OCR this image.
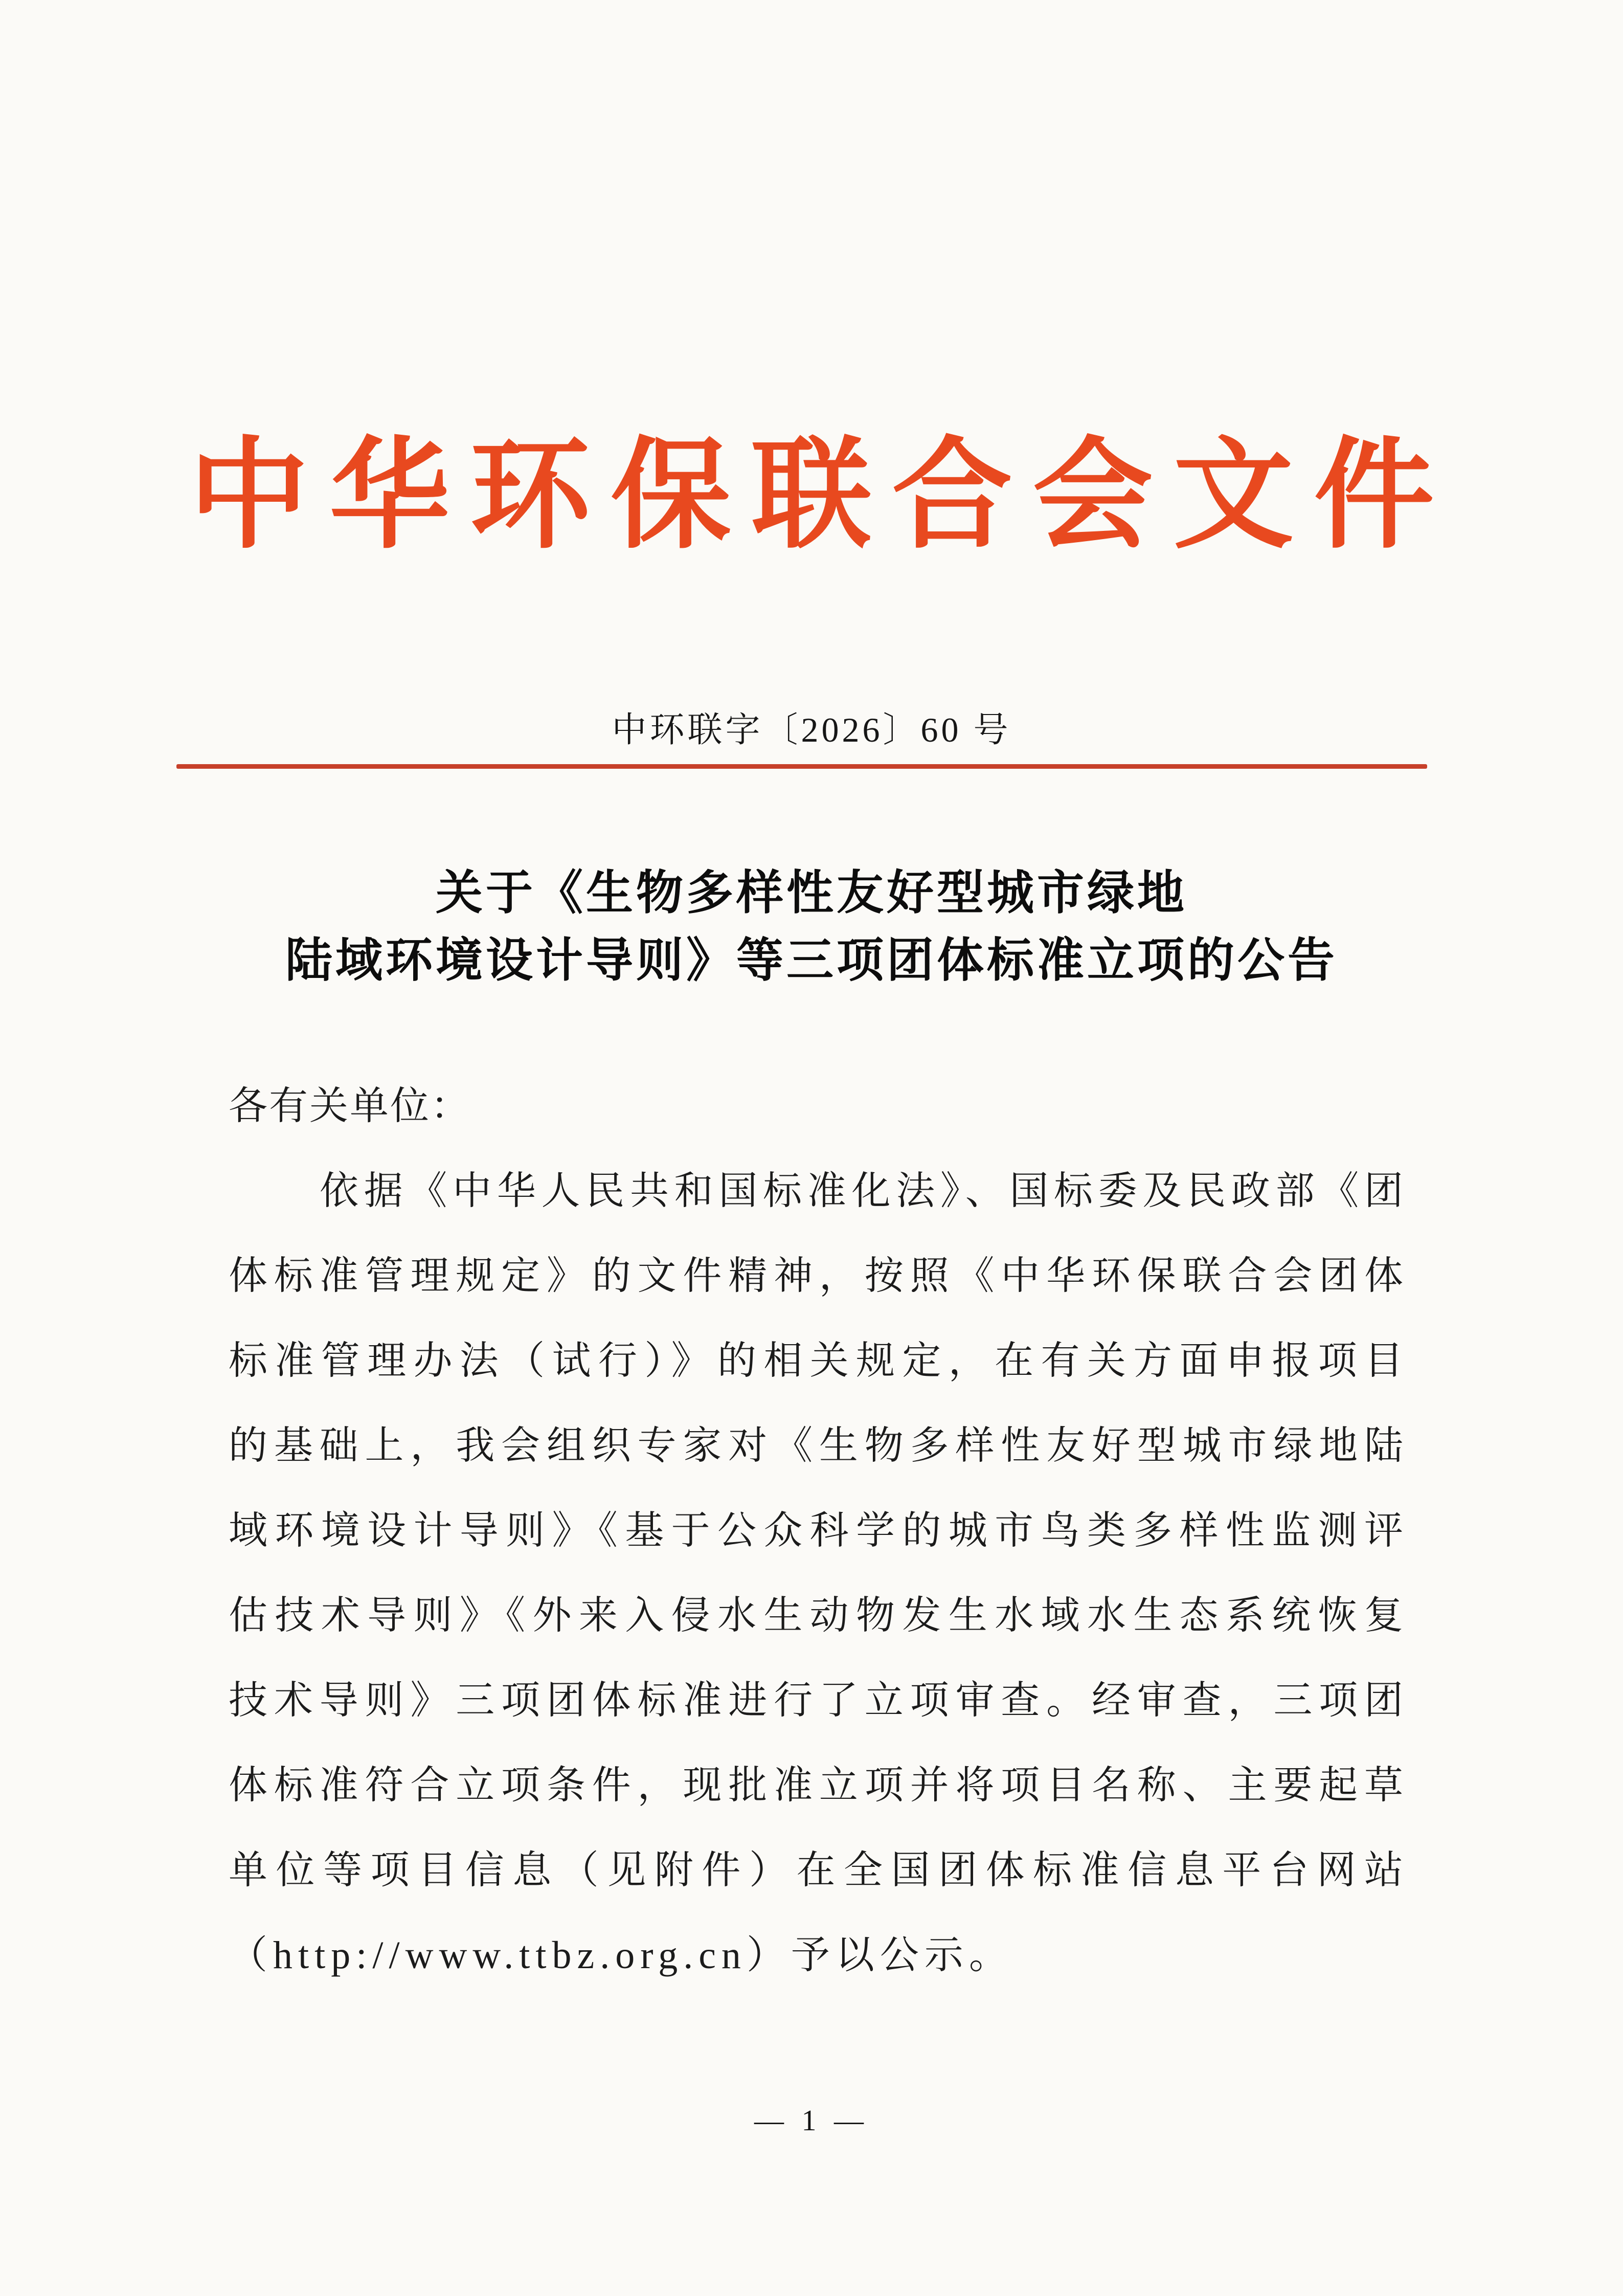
中华环保联合会文件
中环联字〔2026〕60 号
关于《生物多样性友好型城市绿地
陆域环境设计导则》等三项团体标准立项的公告
各有关单位：
依据《中华人民共和国标准化法》、国标委及民政部《团
体标准管理规定》的文件精神，按照《中华环保联合会团体
标准管理办法（试行）》的相关规定，在有关方面申报项目
的基础上，我会组织专家对《生物多样性友好型城市绿地陆
域环境设计导则》《基于公众科学的城市鸟类多样性监测评
估技术导则》《外来入侵水生动物发生水域水生态系统恢复
技术导则》三项团体标准进行了立项审查。经审查，三项团
体标准符合立项条件，现批准立项并将项目名称、主要起草
单位等项目信息（见附件）在全国团体标准信息平台网站
（http://www.ttbz.org.cn）予以公示。
— 1 —
